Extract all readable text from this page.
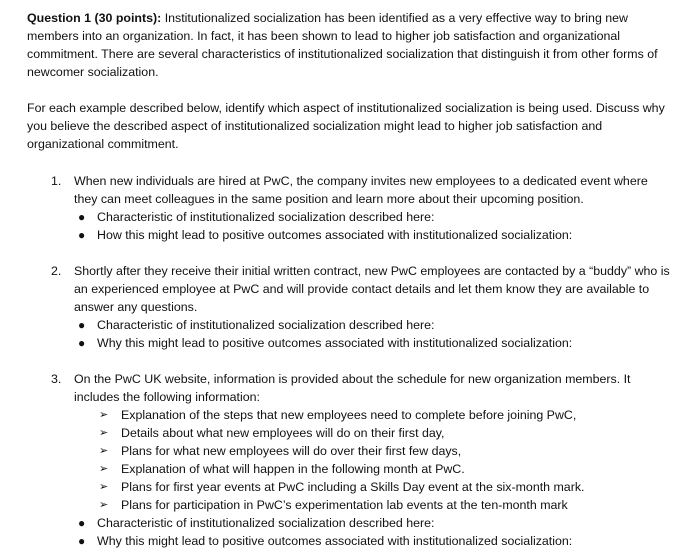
Question 1 (30 points): Institutionalized socialization has been identified as a very effective way to bring new members into an organization. In fact, it has been shown to lead to higher job satisfaction and organizational commitment. There are several characteristics of institutionalized socialization that distinguish it from other forms of newcomer socialization.

For each example described below, identify which aspect of institutionalized socialization is being used. Discuss why you believe the described aspect of institutionalized socialization might lead to higher job satisfaction and organizational commitment.

1. When new individuals are hired at PwC, the company invites new employees to a dedicated event where they can meet colleagues in the same position and learn more about their upcoming position.

● Characteristic of institutionalized socialization described here:
● How this might lead to positive outcomes associated with institutionalized socialization:
2. Shortly after they receive their initial written contract, new PwC employees are contacted by a “buddy” who is an experienced employee at PwC and will provide contact details and let them know they are available to answer any questions.

● Characteristic of institutionalized socialization described here:
● Why this might lead to positive outcomes associated with institutionalized socialization:
3. On the PwC UK website, information is provided about the schedule for new organization members. It includes the following information:

➢ Explanation of the steps that new employees need to complete before joining PwC,
➢ Details about what new employees will do on their first day,
➢ Plans for what new employees will do over their first few days,
➢ Explanation of what will happen in the following month at PwC.
➢ Plans for first year events at PwC including a Skills Day event at the six-month mark.
➢ Plans for participation in PwC’s experimentation lab events at the ten-month mark
● Characteristic of institutionalized socialization described here:
● Why this might lead to positive outcomes associated with institutionalized socialization:
